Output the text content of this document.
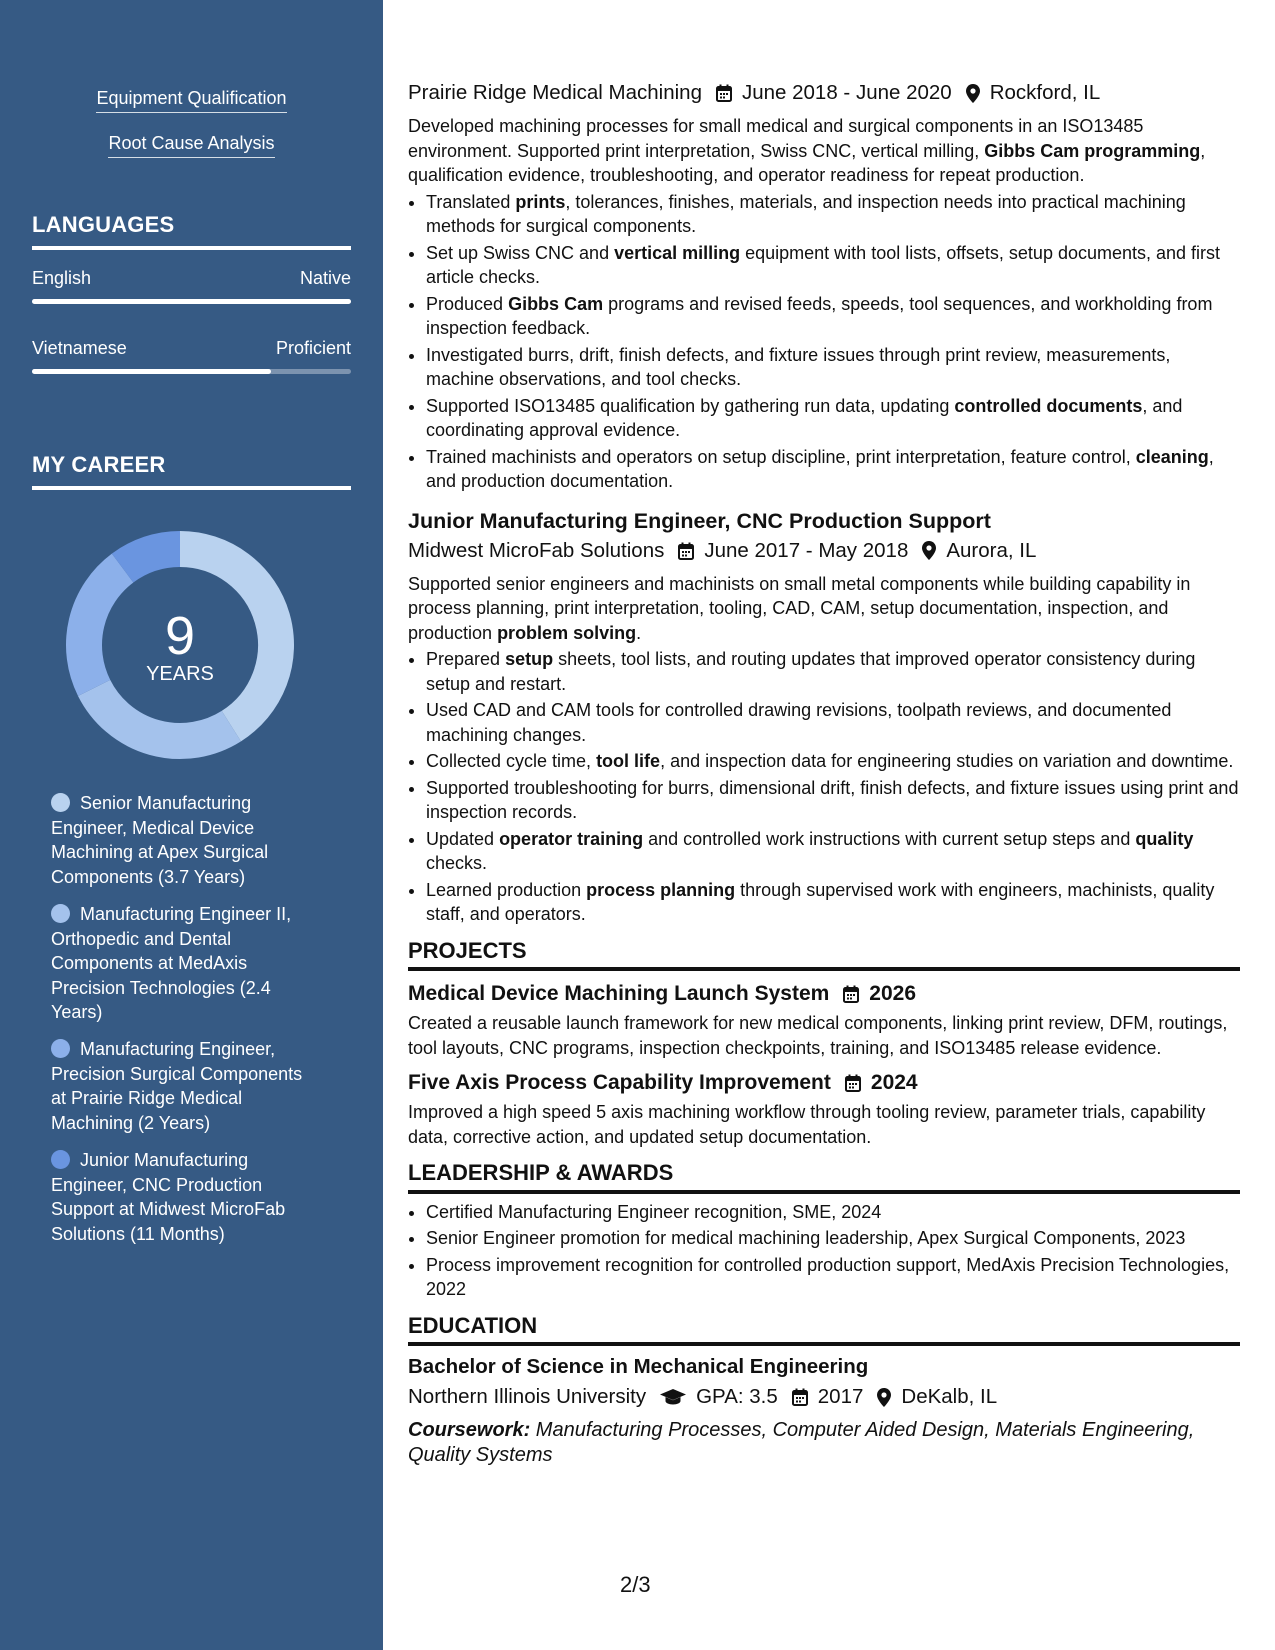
Equipment Qualification
Root Cause Analysis
LANGUAGES
English	Native
Vietnamese	Proficient
MY CAREER
9
YEARS
Senior Manufacturing Engineer, Medical Device Machining at Apex Surgical Components (3.7 Years)
Manufacturing Engineer II, Orthopedic and Dental Components at MedAxis Precision Technologies (2.4 Years)
Manufacturing Engineer, Precision Surgical Components at Prairie Ridge Medical Machining (2 Years)
Junior Manufacturing Engineer, CNC Production Support at Midwest MicroFab Solutions (11 Months)
Prairie Ridge Medical Machining June 2018 - June 2020 Rockford, IL

Developed machining processes for small medical and surgical components in an ISO13485 environment. Supported print interpretation, Swiss CNC, vertical milling, Gibbs Cam programming, qualification evidence, troubleshooting, and operator readiness for repeat production.

• Translated prints, tolerances, finishes, materials, and inspection needs into practical machining methods for surgical components.
• Set up Swiss CNC and vertical milling equipment with tool lists, offsets, setup documents, and first article checks.
• Produced Gibbs Cam programs and revised feeds, speeds, tool sequences, and workholding from inspection feedback.
• Investigated burrs, drift, finish defects, and fixture issues through print review, measurements, machine observations, and tool checks.
• Supported ISO13485 qualification by gathering run data, updating controlled documents, and coordinating approval evidence.
• Trained machinists and operators on setup discipline, print interpretation, feature control, cleaning, and production documentation.
Junior Manufacturing Engineer, CNC Production Support
Midwest MicroFab Solutions June 2017 - May 2018 Aurora, IL

Supported senior engineers and machinists on small metal components while building capability in process planning, print interpretation, tooling, CAD, CAM, setup documentation, inspection, and production problem solving.

• Prepared setup sheets, tool lists, and routing updates that improved operator consistency during setup and restart.
• Used CAD and CAM tools for controlled drawing revisions, toolpath reviews, and documented machining changes.
• Collected cycle time, tool life, and inspection data for engineering studies on variation and downtime.
• Supported troubleshooting for burrs, dimensional drift, finish defects, and fixture issues using print and inspection records.
• Updated operator training and controlled work instructions with current setup steps and quality checks.
• Learned production process planning through supervised work with engineers, machinists, quality staff, and operators.
PROJECTS
Medical Device Machining Launch System 2026

Created a reusable launch framework for new medical components, linking print review, DFM, routings, tool layouts, CNC programs, inspection checkpoints, training, and ISO13485 release evidence.

Five Axis Process Capability Improvement 2024

Improved a high speed 5 axis machining workflow through tooling review, parameter trials, capability data, corrective action, and updated setup documentation.

LEADERSHIP & AWARDS
• Certified Manufacturing Engineer recognition, SME, 2024
• Senior Engineer promotion for medical machining leadership, Apex Surgical Components, 2023
• Process improvement recognition for controlled production support, MedAxis Precision Technologies, 2022
EDUCATION
Bachelor of Science in Mechanical Engineering
Northern Illinois University GPA: 3.5 2017 DeKalb, IL
Coursework: Manufacturing Processes, Computer Aided Design, Materials Engineering, Quality Systems
2/3
